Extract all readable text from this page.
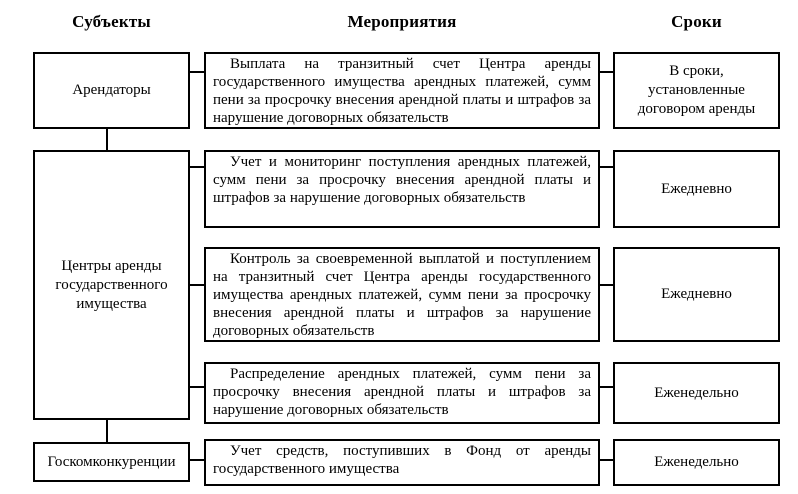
Субъекты	Мероприятия	Сроки
Арендаторы
Центры аренды государственного имущества
Госкомконкуренции
Выплата на транзитный счет Центра аренды государственного имущества арендных платежей, сумм пени за просрочку внесения арендной платы и штрафов за нарушение договорных обязательств
Учет и мониторинг поступления арендных платежей, сумм пени за просрочку внесения арендной платы и штрафов за нарушение договорных обязательств
Контроль за своевременной выплатой и поступлением на транзитный счет Центра аренды государственного имущества арендных платежей, сумм пени за просрочку внесения арендной платы и штрафов за нарушение договорных обязательств
Распределение арендных платежей, сумм пени за просрочку внесения арендной платы и штрафов за нарушение договорных обязательств
Учет средств, поступивших в Фонд от аренды государственного имущества
В сроки, установленные договором аренды
Ежедневно
Ежедневно
Еженедельно
Еженедельно
